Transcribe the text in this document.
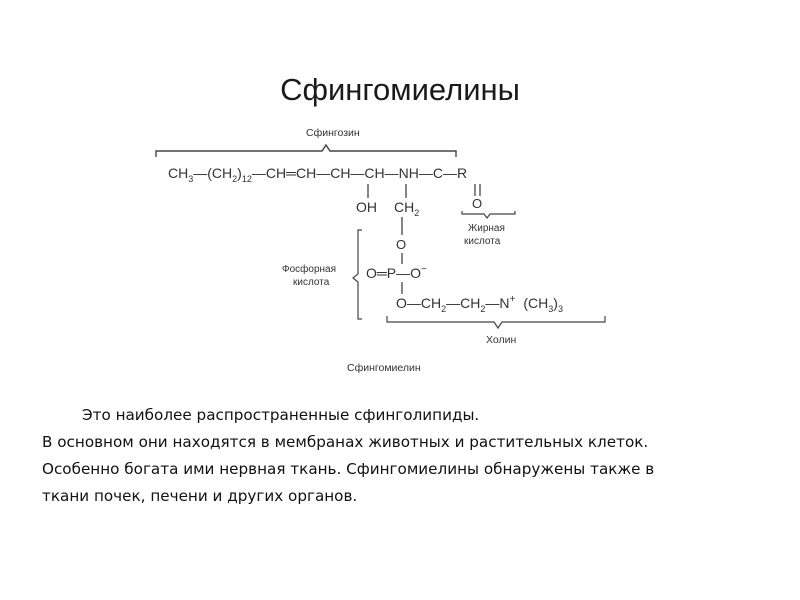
Сфингомиелины
Сфингозин
$CH_3—(CH_2)_{12}—CH═CH—CH—CH—NH—C—R$
OH $CH_2$
O
Жирная
кислота
O
O═P—O−
Фосфорная
кислота
$O—CH_2—CH_2—N^+$ $(CH_3)_3$
Холин
Сфингомиелин
Это наиболее распространенные сфинголипиды.
В основном они находятся в мембранах животных и растительных клеток.
Особенно богата ими нервная ткань. Сфингомиелины обнаружены также в
ткани почек, печени и других органов.
